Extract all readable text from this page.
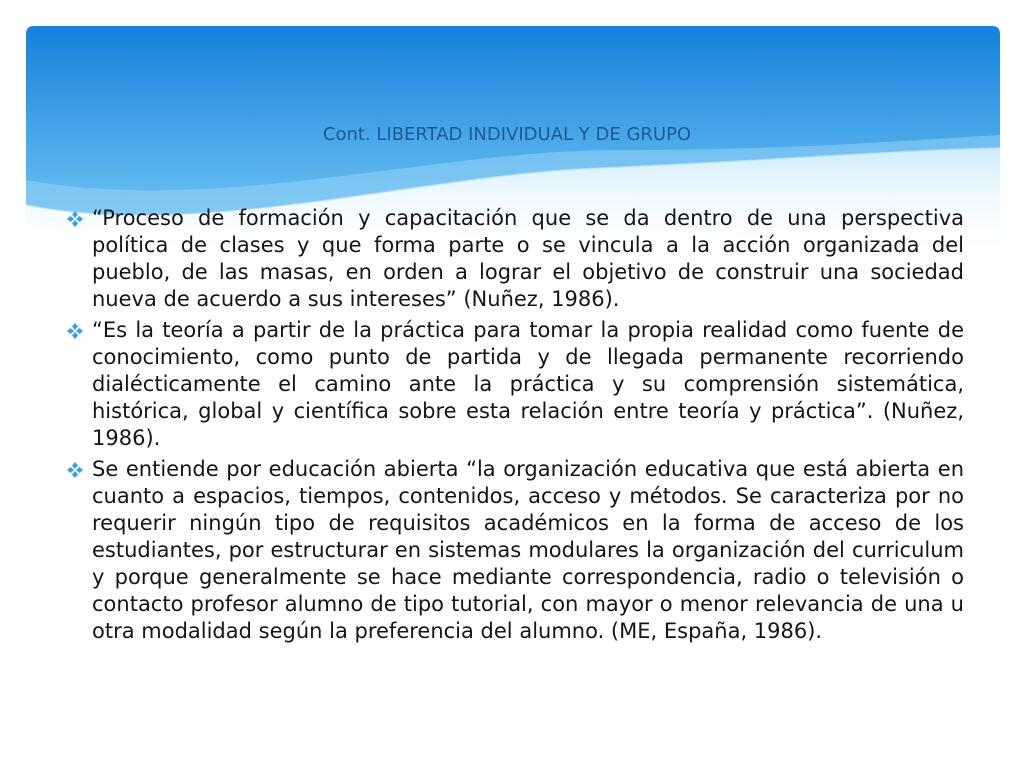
Cont. LIBERTAD INDIVIDUAL Y DE GRUPO
“Proceso de formación y capacitación que se da dentro de una perspectiva política de clases y que forma parte o se vincula a la acción organizada del pueblo, de las masas, en orden a lograr el objetivo de construir una sociedad nueva de acuerdo a sus intereses” (Nuñez, 1986).
“Es la teoría a partir de la práctica para tomar la propia realidad como fuente de conocimiento, como punto de partida y de llegada permanente recorriendo dialécticamente el camino ante la práctica y su comprensión sistemática, histórica, global y científica sobre esta relación entre teoría y práctica”. (Nuñez, 1986).
Se entiende por educación abierta “la organización educativa que está abierta en cuanto a espacios, tiempos, contenidos, acceso y métodos. Se caracteriza por no requerir ningún tipo de requisitos académicos en la forma de acceso de los estudiantes, por estructurar en sistemas modulares la organización del curriculum y porque generalmente se hace mediante correspondencia, radio o televisión o contacto profesor alumno de tipo tutorial, con mayor o menor relevancia de una u otra modalidad según la preferencia del alumno. (ME, España, 1986).
